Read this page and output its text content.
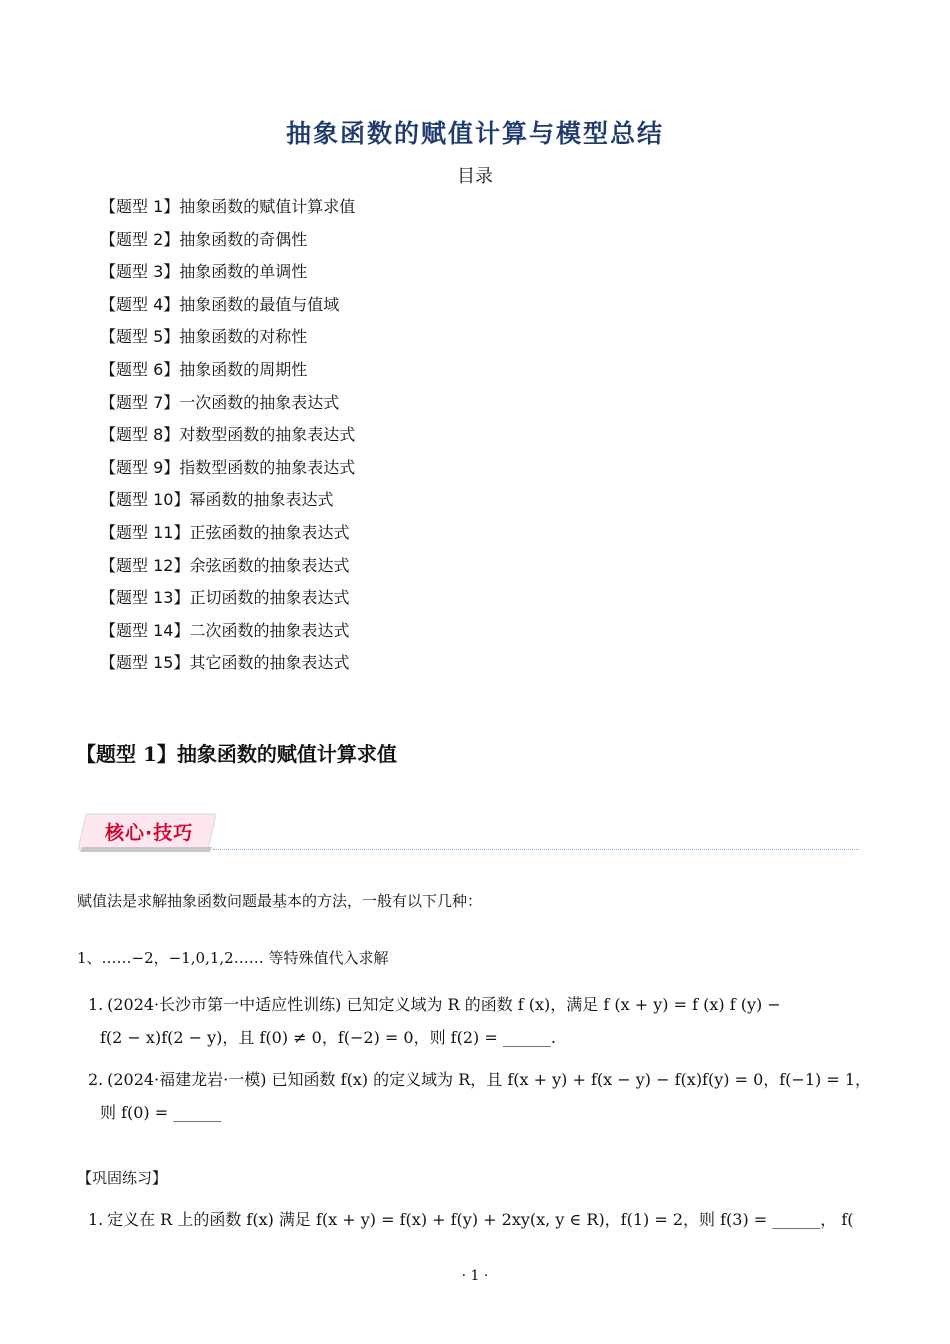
抽象函数的赋值计算与模型总结
目录
【题型 1】抽象函数的赋值计算求值
【题型 2】抽象函数的奇偶性
【题型 3】抽象函数的单调性
【题型 4】抽象函数的最值与值域
【题型 5】抽象函数的对称性
【题型 6】抽象函数的周期性
【题型 7】一次函数的抽象表达式
【题型 8】对数型函数的抽象表达式
【题型 9】指数型函数的抽象表达式
【题型 10】幂函数的抽象表达式
【题型 11】正弦函数的抽象表达式
【题型 12】余弦函数的抽象表达式
【题型 13】正切函数的抽象表达式
【题型 14】二次函数的抽象表达式
【题型 15】其它函数的抽象表达式
【题型 1】抽象函数的赋值计算求值
核心·技巧
赋值法是求解抽象函数问题最基本的方法，一般有以下几种：
1、……−2，−1,0,1,2…… 等特殊值代入求解
1. (2024·长沙市第一中适应性训练) 已知定义域为 R 的函数 f (x)，满足 f (x + y) = f (x) f (y) −
f(2 − x)f(2 − y)，且 f(0) ≠ 0，f(−2) = 0，则 f(2) = ______.
2. (2024·福建龙岩·一模) 已知函数 f(x) 的定义域为 R，且 f(x + y) + f(x − y) − f(x)f(y) = 0，f(−1) = 1，
则 f(0) = ______
【巩固练习】
1. 定义在 R 上的函数 f(x) 满足 f(x + y) = f(x) + f(y) + 2xy(x, y ∈ R)，f(1) = 2，则 f(3) = ______， f(
· 1 ·
